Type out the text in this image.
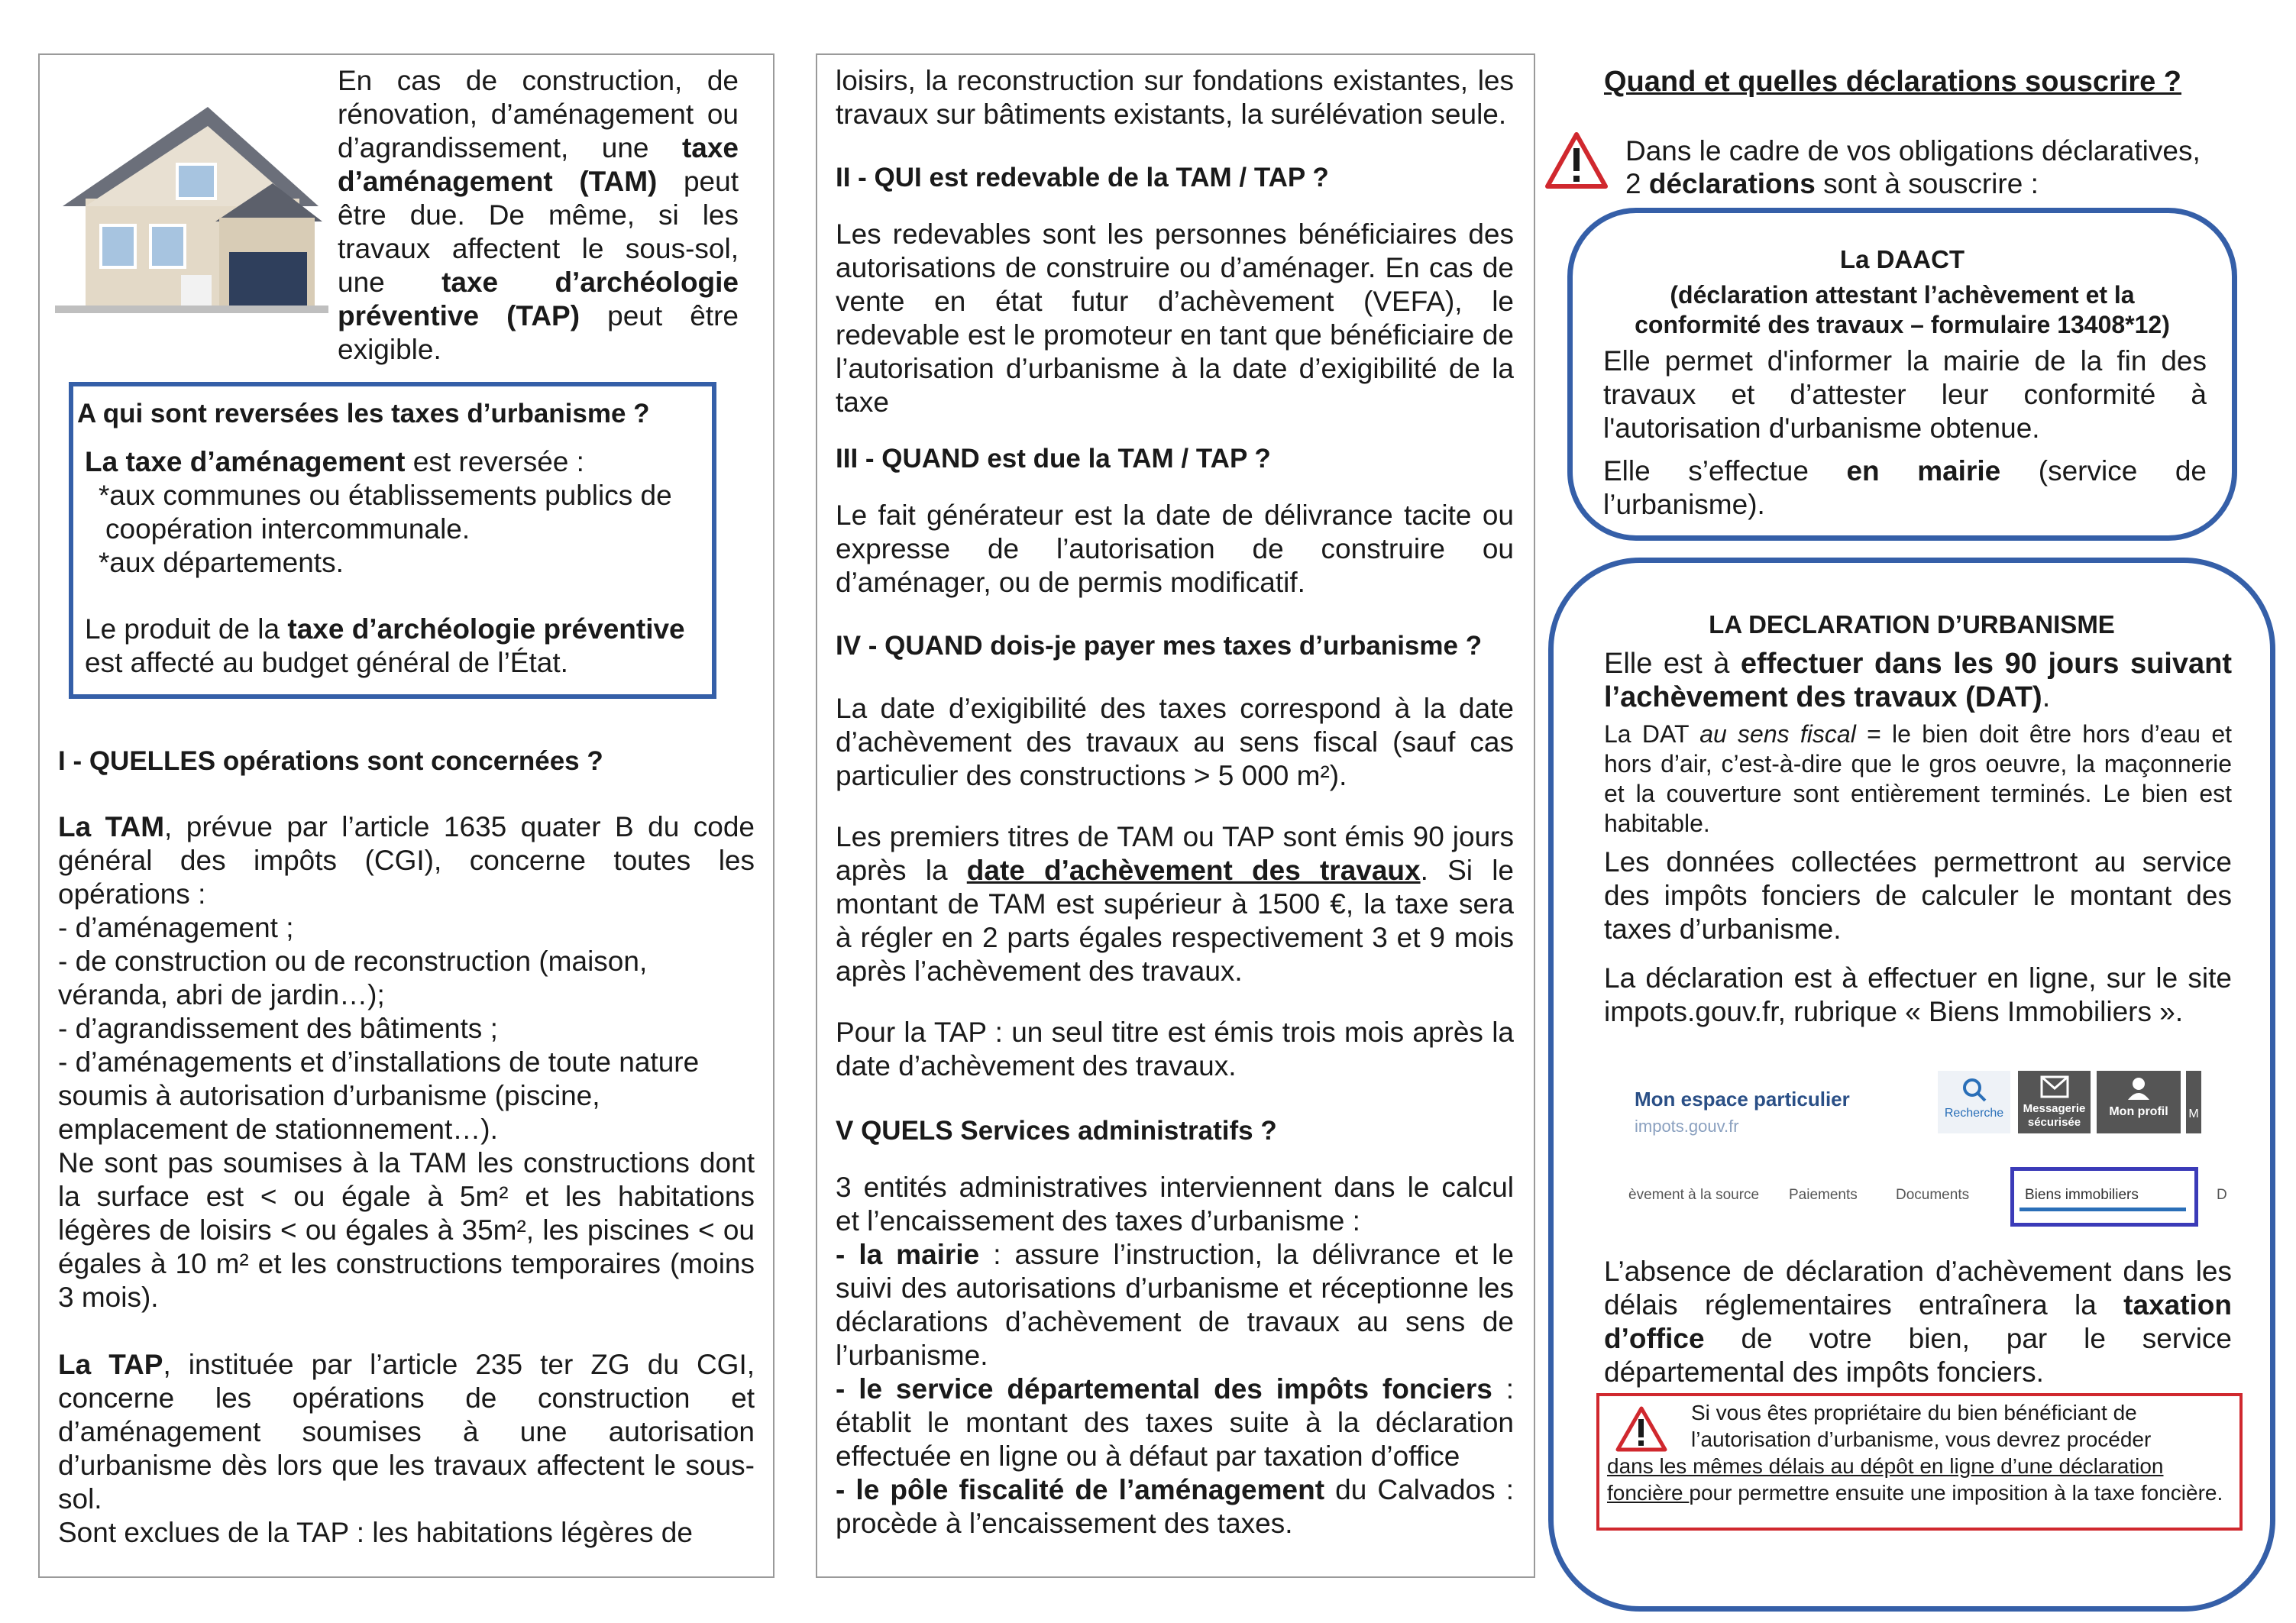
En cas de construction, de rénovation, d’aménagement ou d’agrandissement, une taxe d’aménagement (TAM) peut être due. De même, si les travaux affectent le sous-sol, une taxe d’archéologie préventive (TAP) peut être exigible.

A qui sont reversées les taxes d’urbanisme ?

La taxe d’aménagement est reversée :

*aux communes ou établissements publics de

coopération intercommunale.

*aux départements.

Le produit de la taxe d’archéologie préventive est affecté au budget général de l’État.

I - QUELLES opérations sont concernées ?

La TAM, prévue par l’article 1635 quater B du code général des impôts (CGI), concerne toutes les opérations :

- d’aménagement ;

- de construction ou de reconstruction (maison, véranda, abri de jardin…);

- d’agrandissement des bâtiments ;

- d’aménagements et d’installations de toute nature soumis à autorisation d’urbanisme (piscine, emplacement de stationnement…).

Ne sont pas soumises à la TAM les constructions dont la surface est < ou égale à 5m² et les habitations légères de loisirs < ou égales à 35m², les piscines < ou égales à 10 m² et les constructions temporaires (moins 3 mois).

La TAP, instituée par l’article 235 ter ZG du CGI, concerne les opérations de construction et d’aménagement soumises à une autorisation d’urbanisme dès lors que les travaux affectent le sous-sol.

Sont exclues de la TAP : les habitations légères de

loisirs, la reconstruction sur fondations existantes, les travaux sur bâtiments existants, la surélévation seule.

II - QUI est redevable de la TAM / TAP ?

Les redevables sont les personnes bénéficiaires des autorisations de construire ou d’aménager. En cas de vente en état futur d’achèvement (VEFA), le redevable est le promoteur en tant que bénéficiaire de l’autorisation d’urbanisme à la date d’exigibilité de la taxe

III - QUAND est due la TAM / TAP ?

Le fait générateur est la date de délivrance tacite ou expresse de l’autorisation de construire ou d’aménager, ou de permis modificatif.

IV - QUAND dois-je payer mes taxes d’urbanisme ?

La date d’exigibilité des taxes correspond à la date d’achèvement des travaux au sens fiscal (sauf cas particulier des constructions > 5 000 m²).

Les premiers titres de TAM ou TAP sont émis 90 jours après la date d’achèvement des travaux. Si le montant de TAM est supérieur à 1500 €, la taxe sera à régler en 2 parts égales respectivement 3 et 9 mois après l’achèvement des travaux.

Pour la TAP : un seul titre est émis trois mois après la date d’achèvement des travaux.

V QUELS Services administratifs ?

3 entités administratives interviennent dans le calcul et l’encaissement des taxes d’urbanisme :

- la mairie : assure l’instruction, la délivrance et le suivi des autorisations d’urbanisme et réceptionne les déclarations d’achèvement de travaux au sens de l’urbanisme.

- le service départemental des impôts fonciers : établit le montant des taxes suite à la déclaration effectuée en ligne ou à défaut par taxation d’office

- le pôle fiscalité de l’aménagement du Calvados : procède à l’encaissement des taxes.

Quand et quelles déclarations souscrire ?

Dans le cadre de vos obligations déclaratives,

2 déclarations sont à souscrire :

La DAACT

(déclaration attestant l’achèvement et la

conformité des travaux – formulaire 13408*12)

Elle permet d'informer la mairie de la fin des travaux et d’attester leur conformité à l'autorisation d'urbanisme obtenue.

Elle s’effectue en mairie (service de l’urbanisme).

LA DECLARATION D’URBANISME

Elle est à effectuer dans les 90 jours suivant l’achèvement des travaux (DAT).

La DAT au sens fiscal = le bien doit être hors d’eau et hors d’air, c’est-à-dire que le gros oeuvre, la maçonnerie et la couverture sont entièrement terminés. Le bien est habitable.

Les données collectées permettront au service des impôts fonciers de calculer le montant des taxes d’urbanisme.

La déclaration est à effectuer en ligne, sur le site impots.gouv.fr, rubrique « Biens Immobiliers ».

Mon espace particulier

impots.gouv.fr

Recherche	Messagerie

sécurisée

Mon profil	M

èvement à la source Paiements	Documents	Biens immobiliers	D

L’absence de déclaration d’achèvement dans les délais réglementaires entraînera la taxation d’office de votre bien, par le service départemental des impôts fonciers.

Si vous êtes propriétaire du bien bénéficiant de

l’autorisation d’urbanisme, vous devrez procéder

dans les mêmes délais au dépôt en ligne d’une déclaration foncière pour permettre ensuite une imposition à la taxe foncière.
